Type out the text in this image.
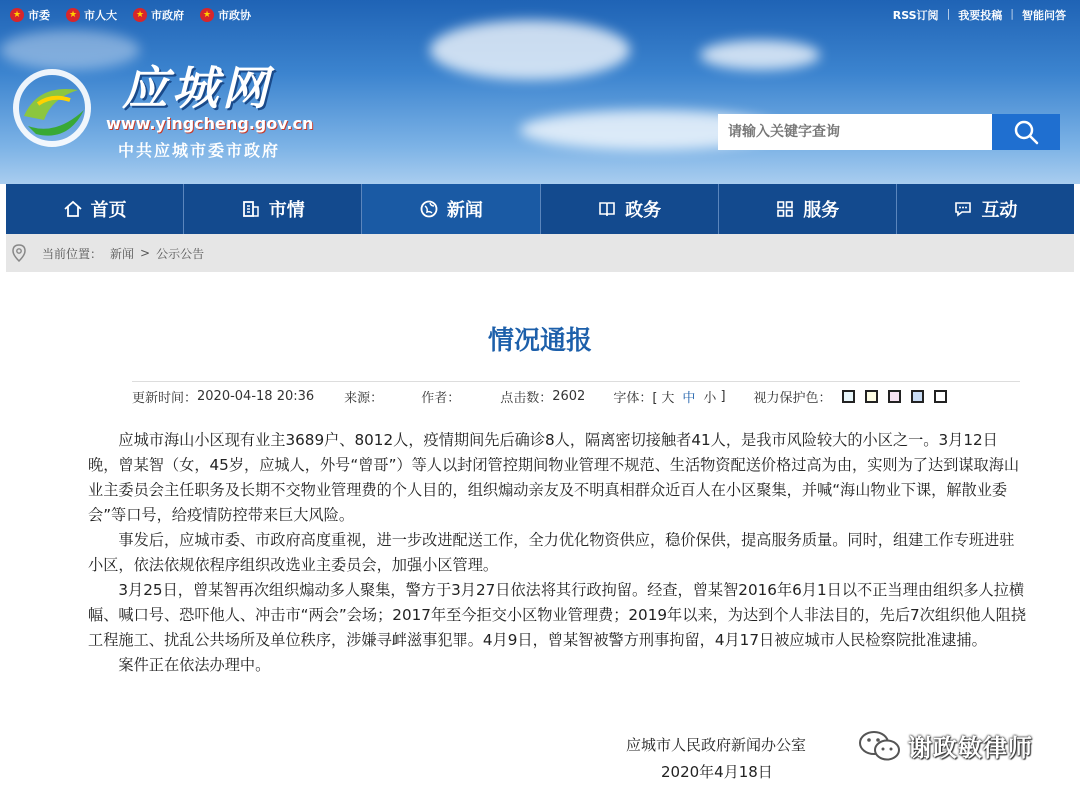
★ 市委	★ 市人大	★ 市政府	★ 市政协	RSS订阅 | 我要投稿 | 智能问答
应城网
www.yingcheng.gov.cn
中共应城市委市政府
请输入关键字查询
首页	市情	新闻	政务	服务	互动
当前位置： 新闻 > 公示公告
情况通报
更新时间： 2020-04-18 20:36 来源：	作者：	点击数： 2602 字体：[ 大 中 小 ] 视力保护色：

应城市海山小区现有业主3689户、8012人，疫情期间先后确诊8人，隔离密切接触者41人，是我市风险较大的小区之一。3月12日晚，曾某智（女，45岁，应城人，外号“曾哥”）等人以封闭管控期间物业管理不规范、生活物资配送价格过高为由，实则为了达到谋取海山业主委员会主任职务及长期不交物业管理费的个人目的，组织煽动亲友及不明真相群众近百人在小区聚集，并喊“海山物业下课，解散业委会”等口号，给疫情防控带来巨大风险。

事发后，应城市委、市政府高度重视，进一步改进配送工作，全力优化物资供应，稳价保供，提高服务质量。同时，组建工作专班进驻小区，依法依规依程序组织改选业主委员会，加强小区管理。

3月25日，曾某智再次组织煽动多人聚集，警方于3月27日依法将其行政拘留。经查，曾某智2016年6月1日以不正当理由组织多人拉横幅、喊口号、恐吓他人、冲击市“两会”会场；2017年至今拒交小区物业管理费；2019年以来，为达到个人非法目的，先后7次组织他人阻挠工程施工、扰乱公共场所及单位秩序，涉嫌寻衅滋事犯罪。4月9日，曾某智被警方刑事拘留，4月17日被应城市人民检察院批准逮捕。

案件正在依法办理中。

应城市人民政府新闻办公室
2020年4月18日
谢政敏律师
